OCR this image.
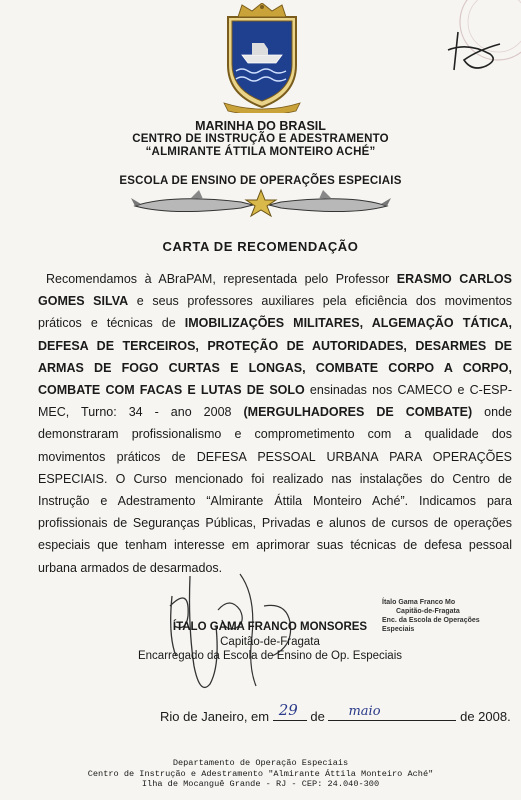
MARINHA DO BRASIL
CENTRO DE INSTRUÇÃO E ADESTRAMENTO
“ALMIRANTE ÁTTILA MONTEIRO ACHÉ”
ESCOLA DE ENSINO DE OPERAÇÕES ESPECIAIS
CARTA DE RECOMENDAÇÃO
Recomendamos à ABraPAM, representada pelo Professor ERASMO CARLOS GOMES SILVA e seus professores auxiliares pela eficiência dos movimentos práticos e técnicas de IMOBILIZAÇÕES MILITARES, ALGEMAÇÃO TÁTICA, DEFESA DE TERCEIROS, PROTEÇÃO DE AUTORIDADES, DESARMES DE ARMAS DE FOGO CURTAS E LONGAS, COMBATE CORPO A CORPO, COMBATE COM FACAS E LUTAS DE SOLO ensinadas nos CAMECO e C-ESP-MEC, Turno: 34 - ano 2008 (MERGULHADORES DE COMBATE) onde demonstraram profissionalismo e comprometimento com a qualidade dos movimentos práticos de DEFESA PESSOAL URBANA PARA OPERAÇÕES ESPECIAIS. O Curso mencionado foi realizado nas instalações do Centro de Instrução e Adestramento “Almirante Áttila Monteiro Aché”. Indicamos para profissionais de Seguranças Públicas, Privadas e alunos de cursos de operações especiais que tenham interesse em aprimorar suas técnicas de defesa pessoal urbana armados de desarmados.
ÍTALO GAMA FRANCO MONSORES
Capitão-de-Fragata
Encarregado da Escola de Ensino de Op. Especiais
Ítalo Gama Franco Mo
Capitão-de-Fragata
Enc. da Escola de Operações Especiais
Rio de Janeiro, em 29 de maio	de 2008.
Departamento de Operação Especiais
Centro de Instrução e Adestramento "Almirante Áttila Monteiro Aché"
Ilha de Mocanguê Grande - RJ - CEP: 24.040-300
